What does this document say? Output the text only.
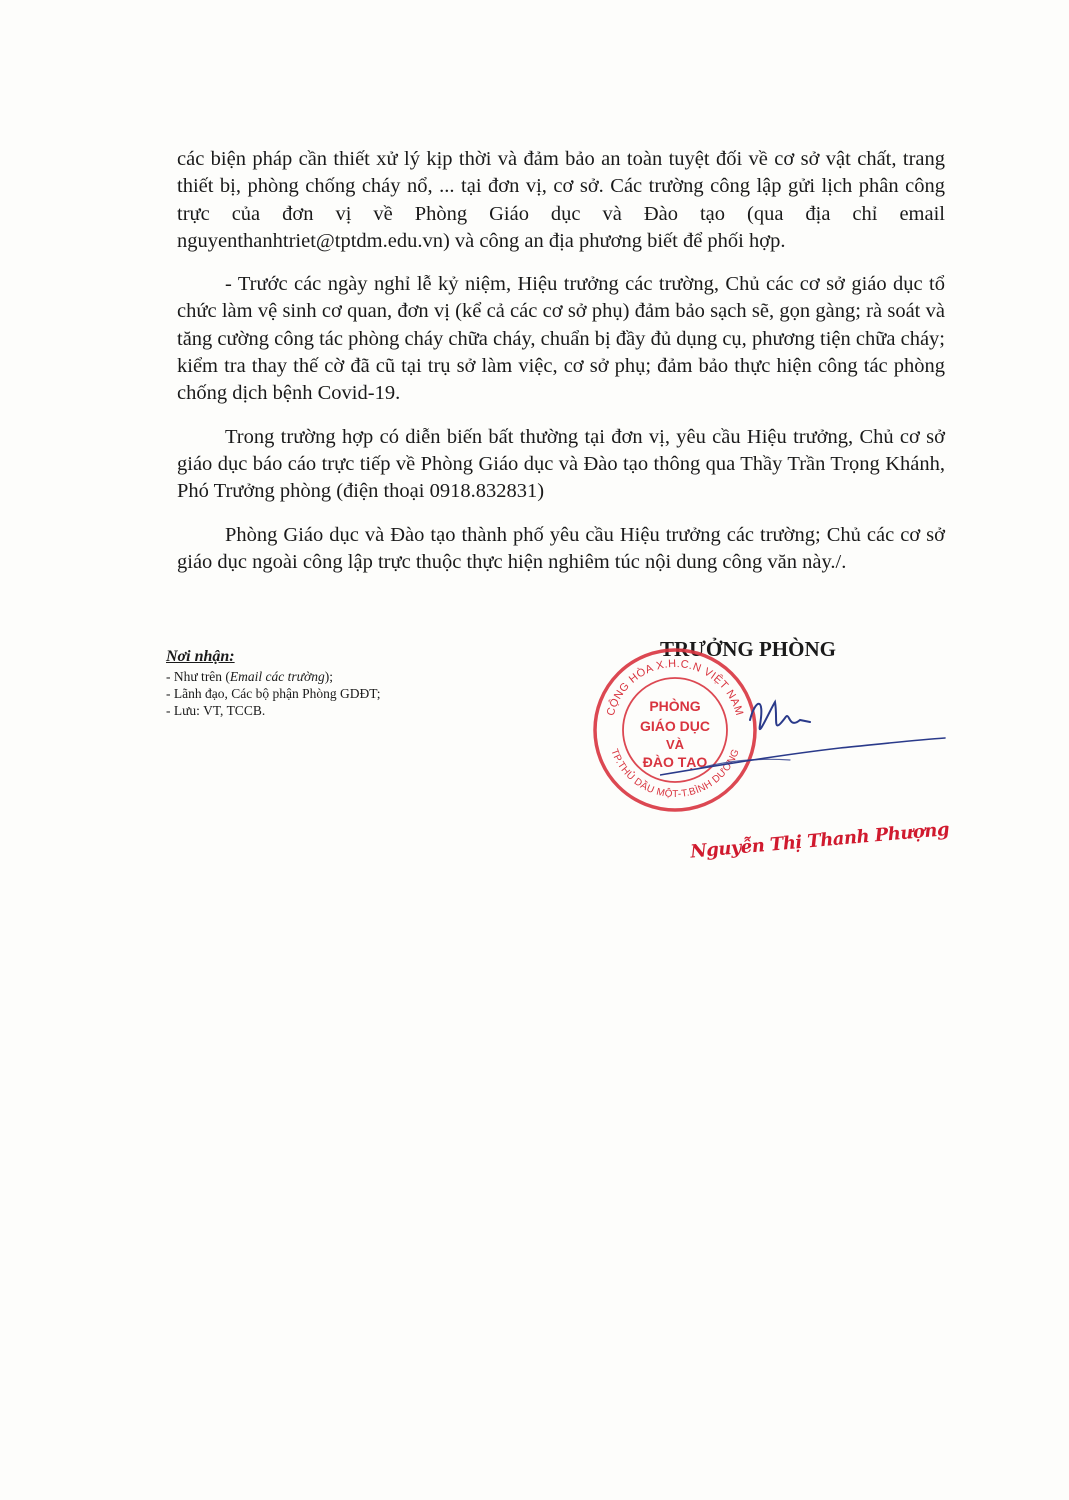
các biện pháp cần thiết xử lý kịp thời và đảm bảo an toàn tuyệt đối về cơ sở vật chất, trang thiết bị, phòng chống cháy nổ, ... tại đơn vị, cơ sở. Các trường công lập gửi lịch phân công trực của đơn vị về Phòng Giáo dục và Đào tạo (qua địa chỉ email nguyenthanhtriet@tptdm.edu.vn) và công an địa phương biết để phối hợp.

- Trước các ngày nghỉ lễ kỷ niệm, Hiệu trưởng các trường, Chủ các cơ sở giáo dục tổ chức làm vệ sinh cơ quan, đơn vị (kể cả các cơ sở phụ) đảm bảo sạch sẽ, gọn gàng; rà soát và tăng cường công tác phòng cháy chữa cháy, chuẩn bị đầy đủ dụng cụ, phương tiện chữa cháy; kiểm tra thay thế cờ đã cũ tại trụ sở làm việc, cơ sở phụ; đảm bảo thực hiện công tác phòng chống dịch bệnh Covid-19.

Trong trường hợp có diễn biến bất thường tại đơn vị, yêu cầu Hiệu trưởng, Chủ cơ sở giáo dục báo cáo trực tiếp về Phòng Giáo dục và Đào tạo thông qua Thầy Trần Trọng Khánh, Phó Trưởng phòng (điện thoại 0918.832831)

Phòng Giáo dục và Đào tạo thành phố yêu cầu Hiệu trưởng các trường; Chủ các cơ sở giáo dục ngoài công lập trực thuộc thực hiện nghiêm túc nội dung công văn này./.

Nơi nhận:
- Như trên (Email các trường);
- Lãnh đạo, Các bộ phận Phòng GDĐT;
- Lưu: VT, TCCB.
TRƯỞNG PHÒNG
CỘNG HÒA X.H.C.N VIỆT NAM
TP.THỦ DẦU MỘT-T.BÌNH DƯƠNG
PHÒNG
GIÁO DỤC
VÀ
ĐÀO TẠO
Nguyễn Thị Thanh Phượng
